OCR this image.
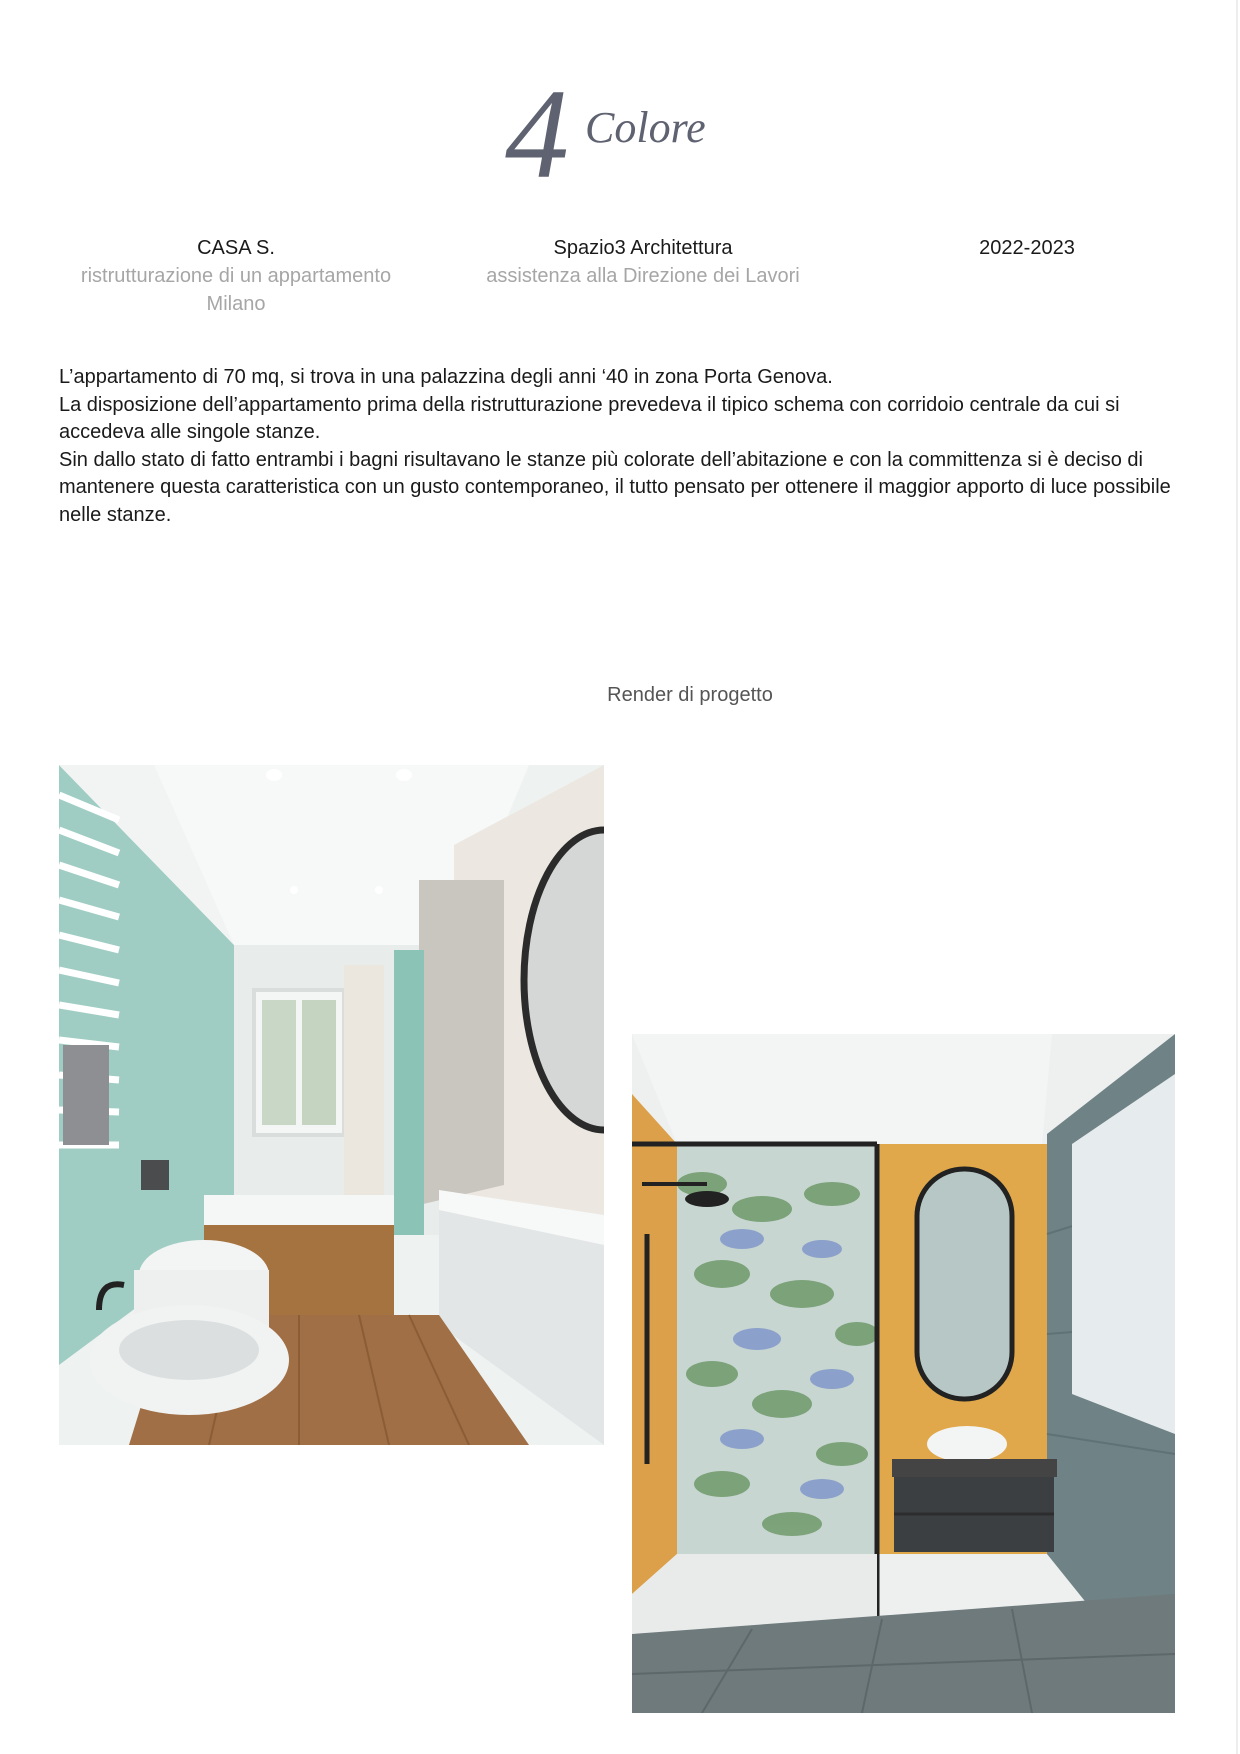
4 Colore
CASA S.
ristrutturazione di un appartamento
Milano
Spazio3 Architettura
assistenza alla Direzione dei Lavori
2022-2023

L’appartamento di 70 mq, si trova in una palazzina degli anni ‘40 in zona Porta Genova.

La disposizione dell’appartamento prima della ristrutturazione prevedeva il tipico schema con corridoio centrale da cui si accedeva alle singole stanze.

Sin dallo stato di fatto entrambi i bagni risultavano le stanze più colorate dell’abitazione e con la committenza si è deciso di mantenere questa caratteristica con un gusto contemporaneo, il tutto pensato per ottenere il maggior apporto di luce possibile nelle stanze.

Render di progetto
